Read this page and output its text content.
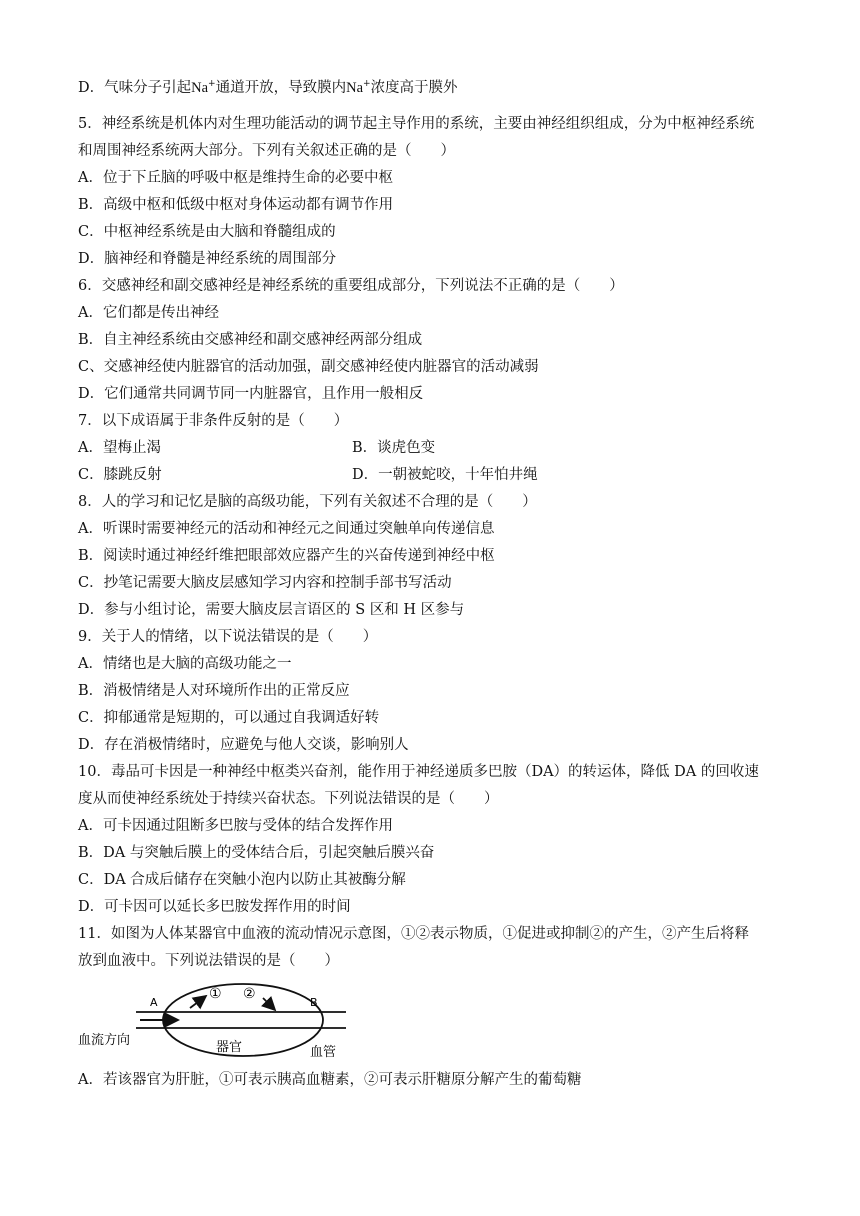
D．气味分子引起Na+通道开放，导致膜内Na+浓度高于膜外
5．神经系统是机体内对生理功能活动的调节起主导作用的系统，主要由神经组织组成，分为中枢神经系统
和周围神经系统两大部分。下列有关叙述正确的是（　　）
A．位于下丘脑的呼吸中枢是维持生命的必要中枢
B．高级中枢和低级中枢对身体运动都有调节作用
C．中枢神经系统是由大脑和脊髓组成的
D．脑神经和脊髓是神经系统的周围部分
6．交感神经和副交感神经是神经系统的重要组成部分，下列说法不正确的是（　　）
A．它们都是传出神经
B．自主神经系统由交感神经和副交感神经两部分组成
C、交感神经使内脏器官的活动加强，副交感神经使内脏器官的活动减弱
D．它们通常共同调节同一内脏器官，且作用一般相反
7．以下成语属于非条件反射的是（　　）
A．望梅止渴	B．谈虎色变
C．膝跳反射	D．一朝被蛇咬，十年怕井绳
8．人的学习和记忆是脑的高级功能，下列有关叙述不合理的是（　　）
A．听课时需要神经元的活动和神经元之间通过突触单向传递信息
B．阅读时通过神经纤维把眼部效应器产生的兴奋传递到神经中枢
C．抄笔记需要大脑皮层感知学习内容和控制手部书写活动
D．参与小组讨论，需要大脑皮层言语区的 S 区和 H 区参与
9．关于人的情绪，以下说法错误的是（　　）
A．情绪也是大脑的高级功能之一
B．消极情绪是人对环境所作出的正常反应
C．抑郁通常是短期的，可以通过自我调适好转
D．存在消极情绪时，应避免与他人交谈，影响别人
10．毒品可卡因是一种神经中枢类兴奋剂，能作用于神经递质多巴胺（DA）的转运体，降低 DA 的回收速
度从而使神经系统处于持续兴奋状态。下列说法错误的是（　　）
A．可卡因通过阻断多巴胺与受体的结合发挥作用
B．DA 与突触后膜上的受体结合后，引起突触后膜兴奋
C．DA 合成后储存在突触小泡内以防止其被酶分解
D．可卡因可以延长多巴胺发挥作用的时间
11．如图为人体某器官中血液的流动情况示意图，①②表示物质，①促进或抑制②的产生，②产生后将释
放到血液中。下列说法错误的是（　　）
A	B
① ②
血流方向	器官	血管
A．若该器官为肝脏，①可表示胰高血糖素，②可表示肝糖原分解产生的葡萄糖
